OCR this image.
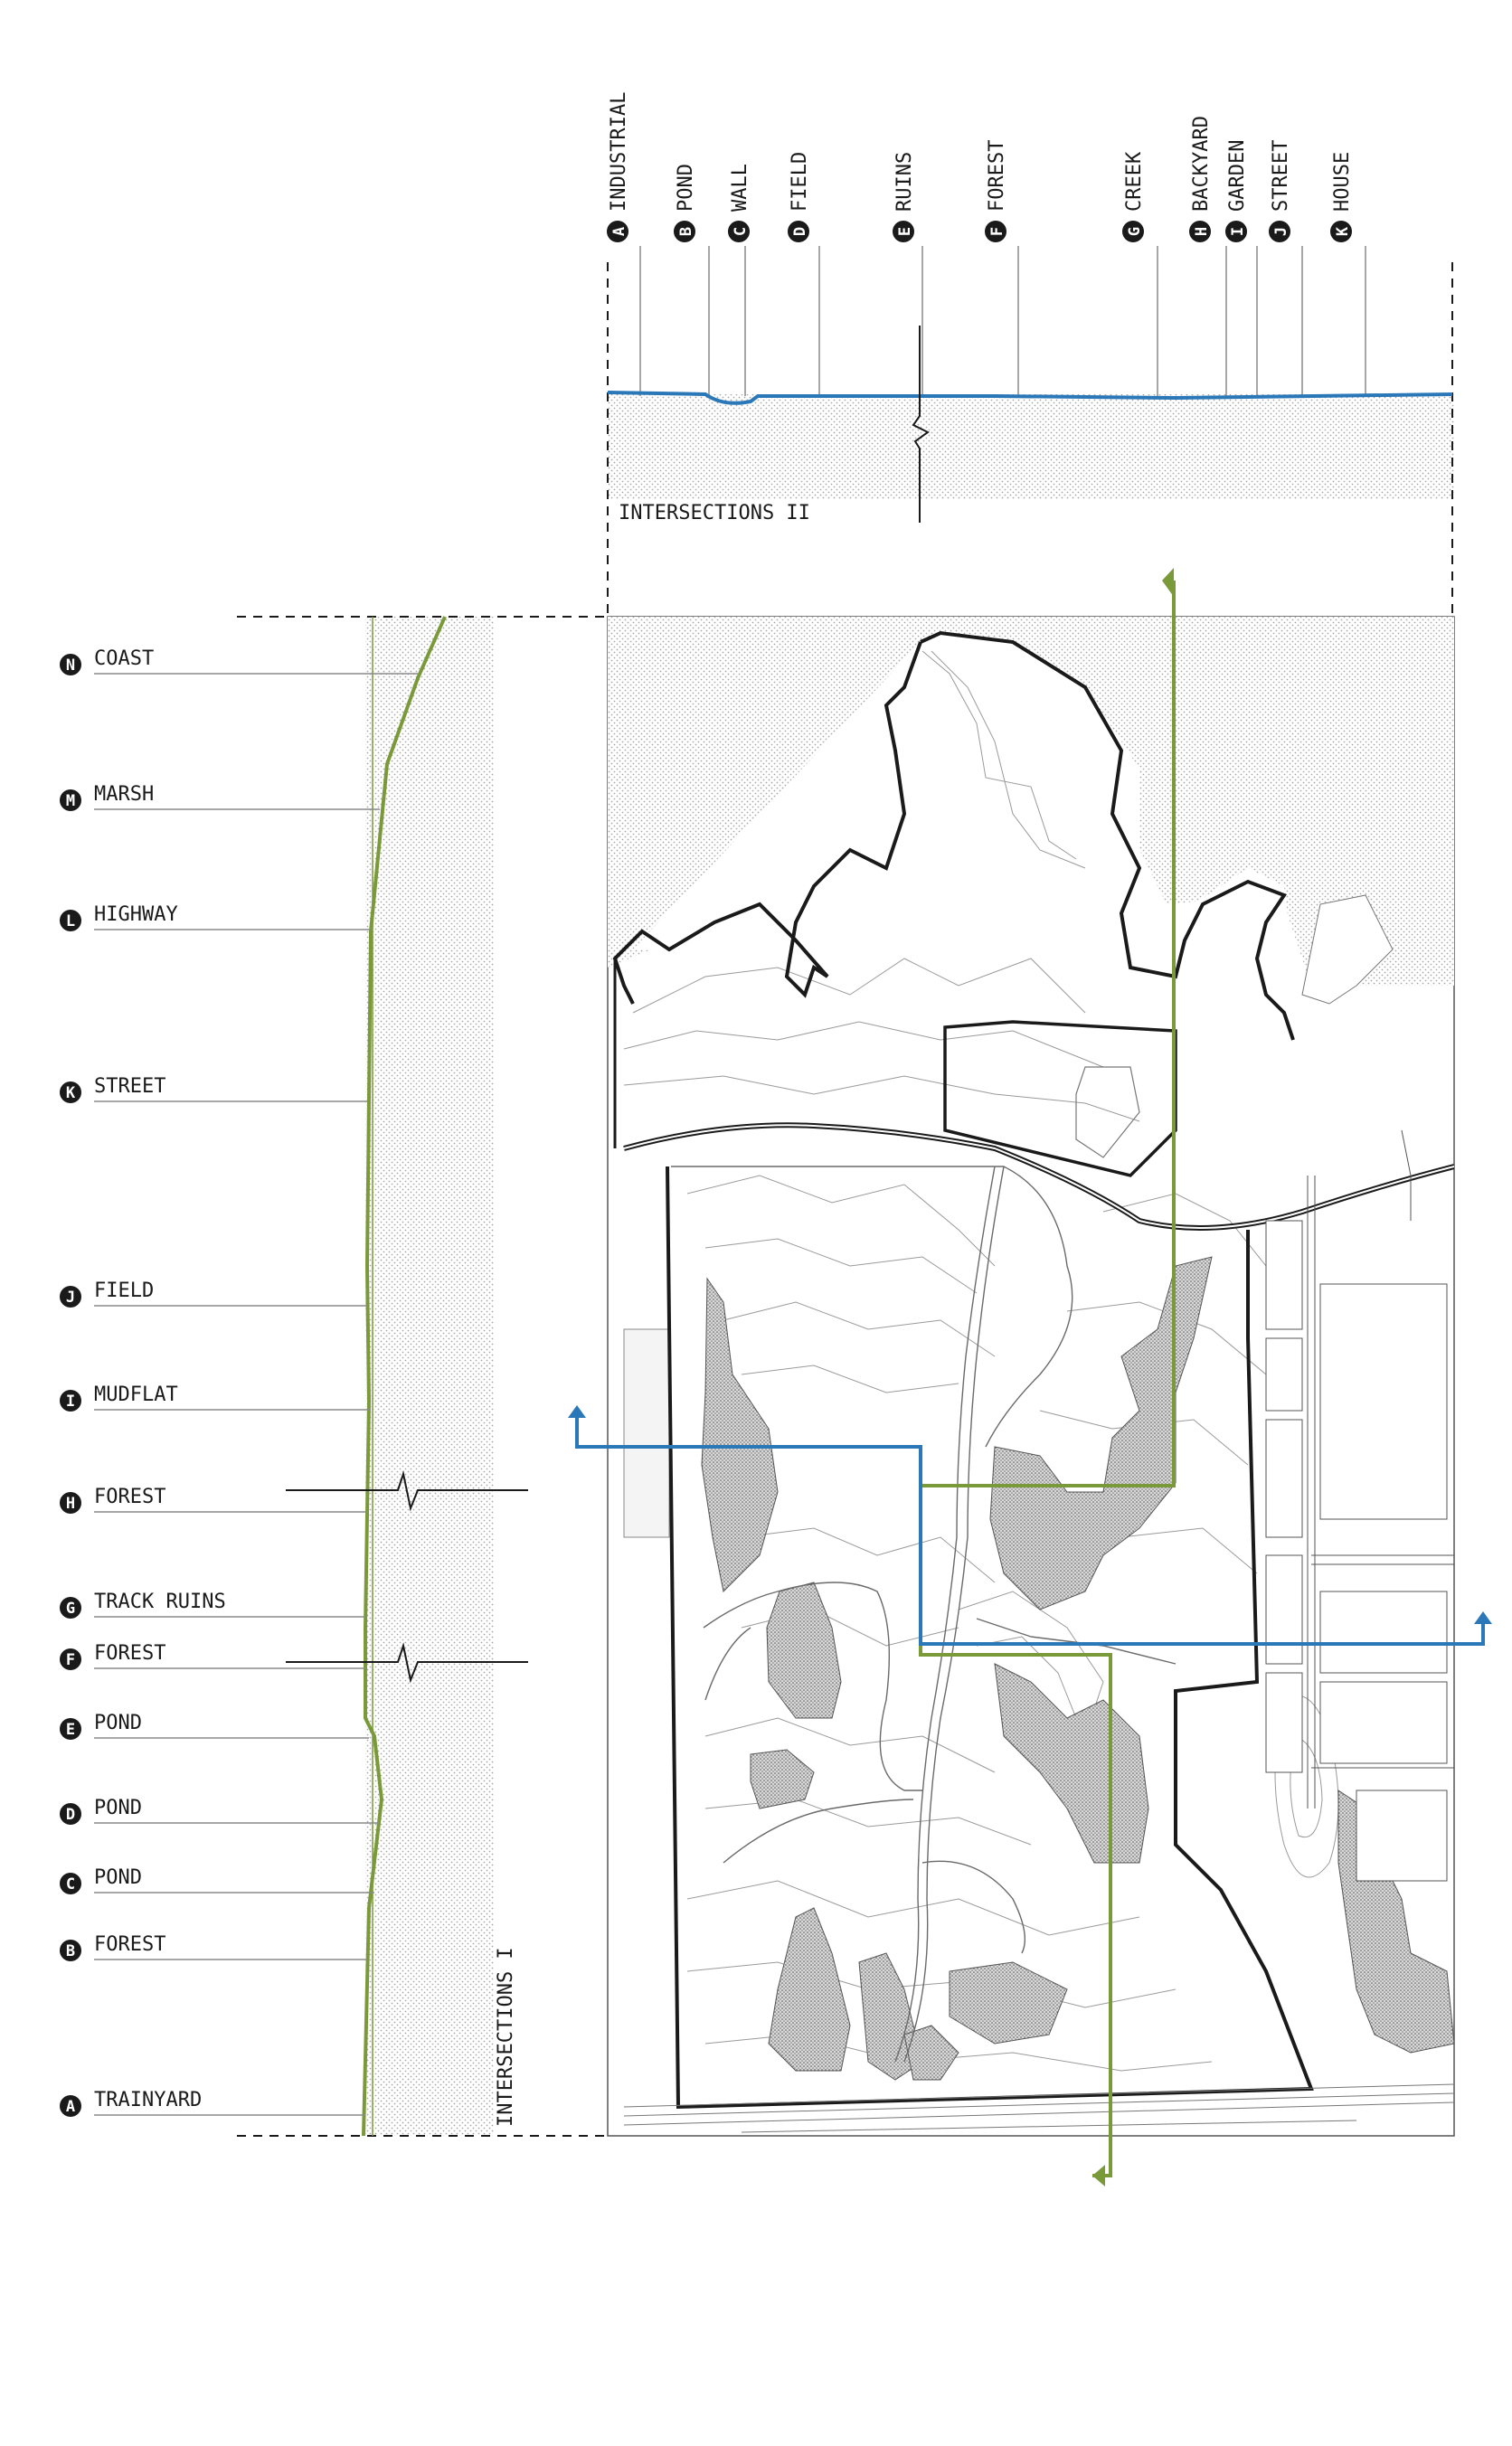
INTERSECTIONS II
A
INDUSTRIAL
B
POND
C
WALL
D
FIELD
E
RUINS
F
FOREST
G
CREEK
H
BACKYARD
I
GARDEN
J
STREET
K
HOUSE
INTERSECTIONS I
N COAST
M MARSH
L HIGHWAY
K STREET
J FIELD
I MUDFLAT
H FOREST
G TRACK RUINS
F FOREST
E POND
D POND
C POND
B FOREST
A TRAINYARD
